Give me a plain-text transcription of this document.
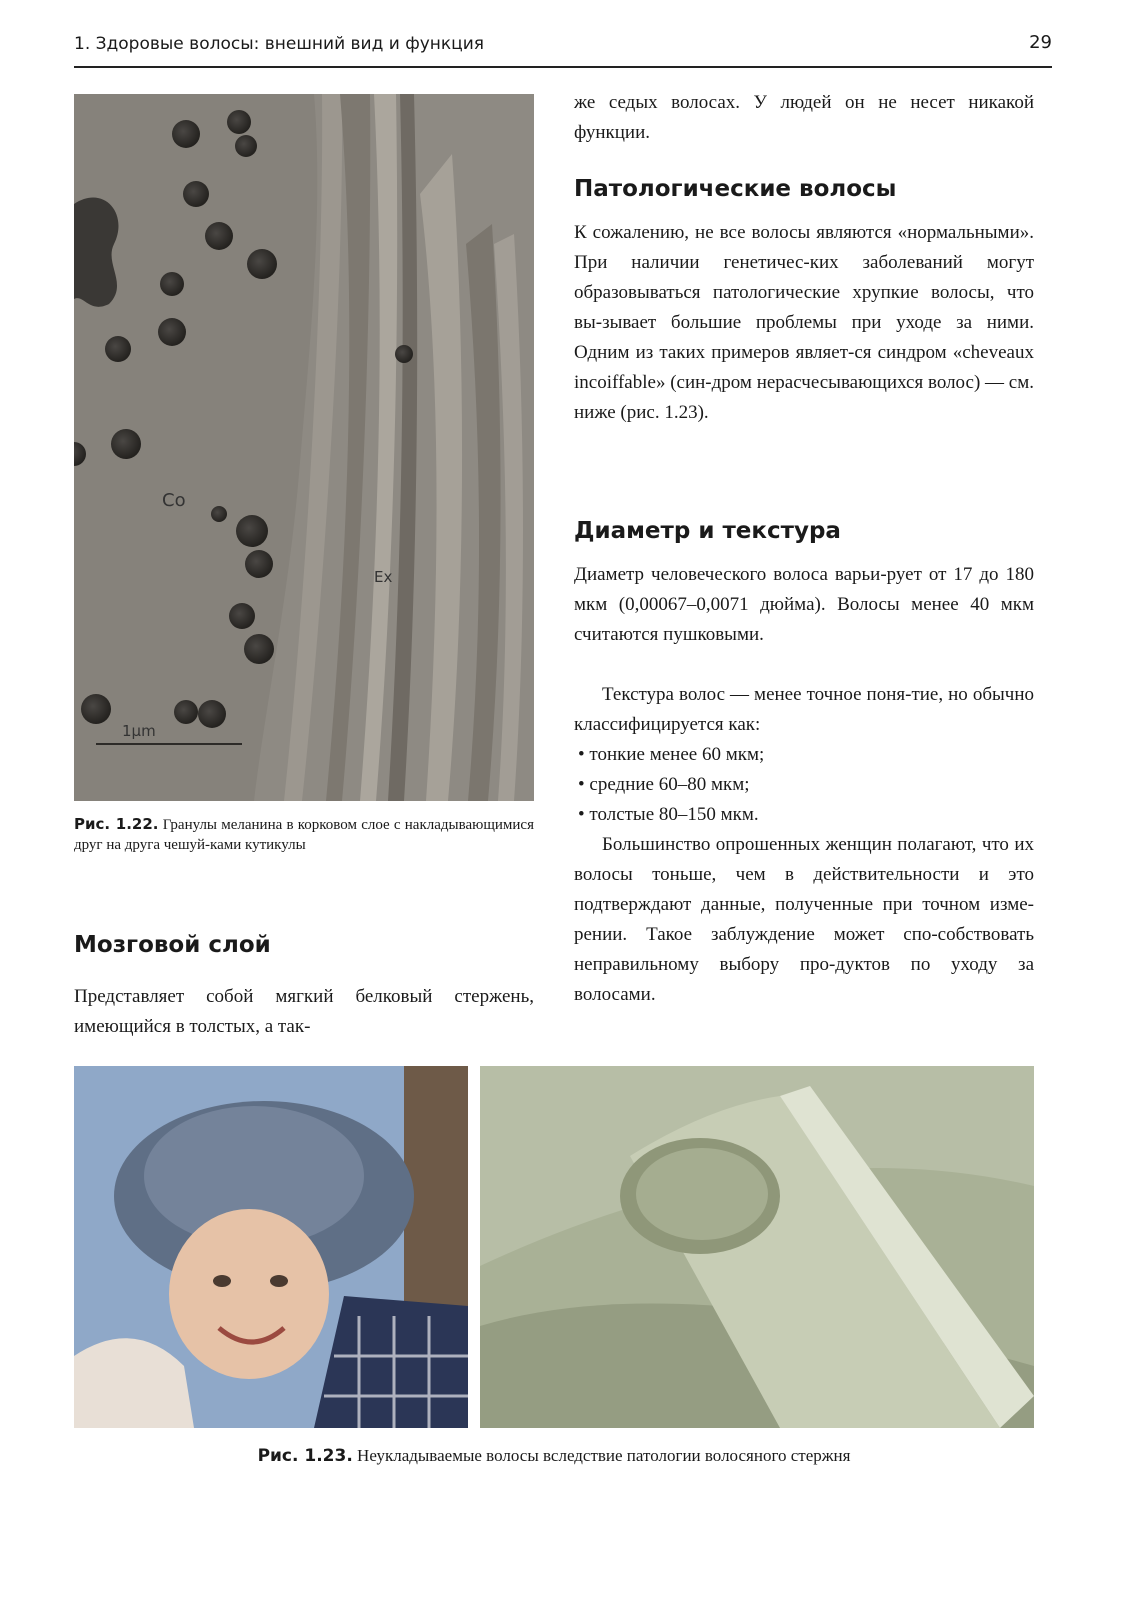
1. Здоровые волосы: внешний вид и функция	29
Co
Ex
1μm
Рис. 1.22. Гранулы меланина в корковом слое с накладывающимися друг на друга чешуй-ками кутикулы
Мозговой слой

Представляет собой мягкий белковый стержень, имеющийся в толстых, а так-

же седых волосах. У людей он не несет никакой функции.

Патологические волосы

К сожалению, не все волосы являются «нормальными». При наличии генетичес-ких заболеваний могут образовываться патологические хрупкие волосы, что вы-зывает большие проблемы при уходе за ними. Одним из таких примеров являет-ся синдром «cheveaux incoiffable» (син-дром нерасчесывающихся волос) — см. ниже (рис. 1.23).

Диаметр и текстура

Диаметр человеческого волоса варьи-рует от 17 до 180 мкм (0,00067–0,0071 дюйма). Волосы менее 40 мкм считаются пушковыми.

Текстура волос — менее точное поня-тие, но обычно классифицируется как:

• тонкие менее 60 мкм;
• средние 60–80 мкм;
• толстые 80–150 мкм.

Большинство опрошенных женщин полагают, что их волосы тоньше, чем в действительности и это подтверждают данные, полученные при точном изме-рении. Такое заблуждение может спо-собствовать неправильному выбору про-дуктов по уходу за волосами.

Рис. 1.23. Неукладываемые волосы вследствие патологии волосяного стержня
